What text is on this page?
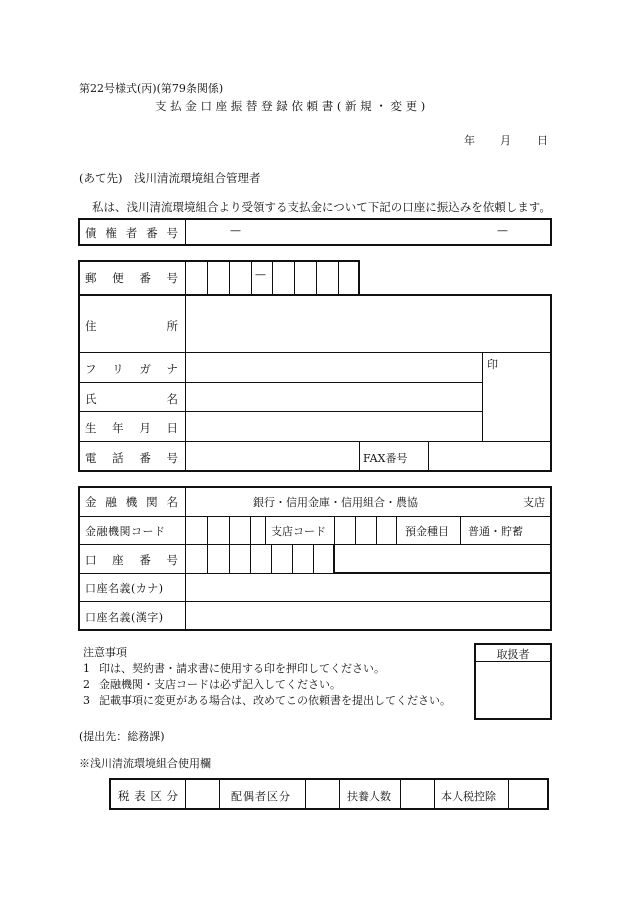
第22号様式(丙)(第79条関係)
支 払 金 口 座 振 替 登 録 依 頼 書 ( 新 規 ・ 変 更 )
年 月 日
(あて先)　浅川清流環境組合管理者
私は、浅川清流環境組合より受領する支払金について下記の口座に振込みを依頼します。
債 権 者 番 号	—	—
郵 便 番 号	—
住	所
フ リ ガ ナ
氏	名
生 年 月 日
印
電 話 番 号	FAX番号
金 融 機 関 名	銀行・信用金庫・信用組合・農協	支店
金融機関コード	支店コード	預金種目 普通・貯蓄
口 座 番 号
口座名義(カナ)
口座名義(漢字)
注意事項
1 印は、契約書・請求書に使用する印を押印してください。
2 金融機関・支店コードは必ず記入してください。
3 記載事項に変更がある場合は、改めてこの依頼書を提出してください。
取扱者
(提出先：総務課)
※浅川清流環境組合使用欄
税 表 区 分	配偶者区分	扶養人数	本人税控除
